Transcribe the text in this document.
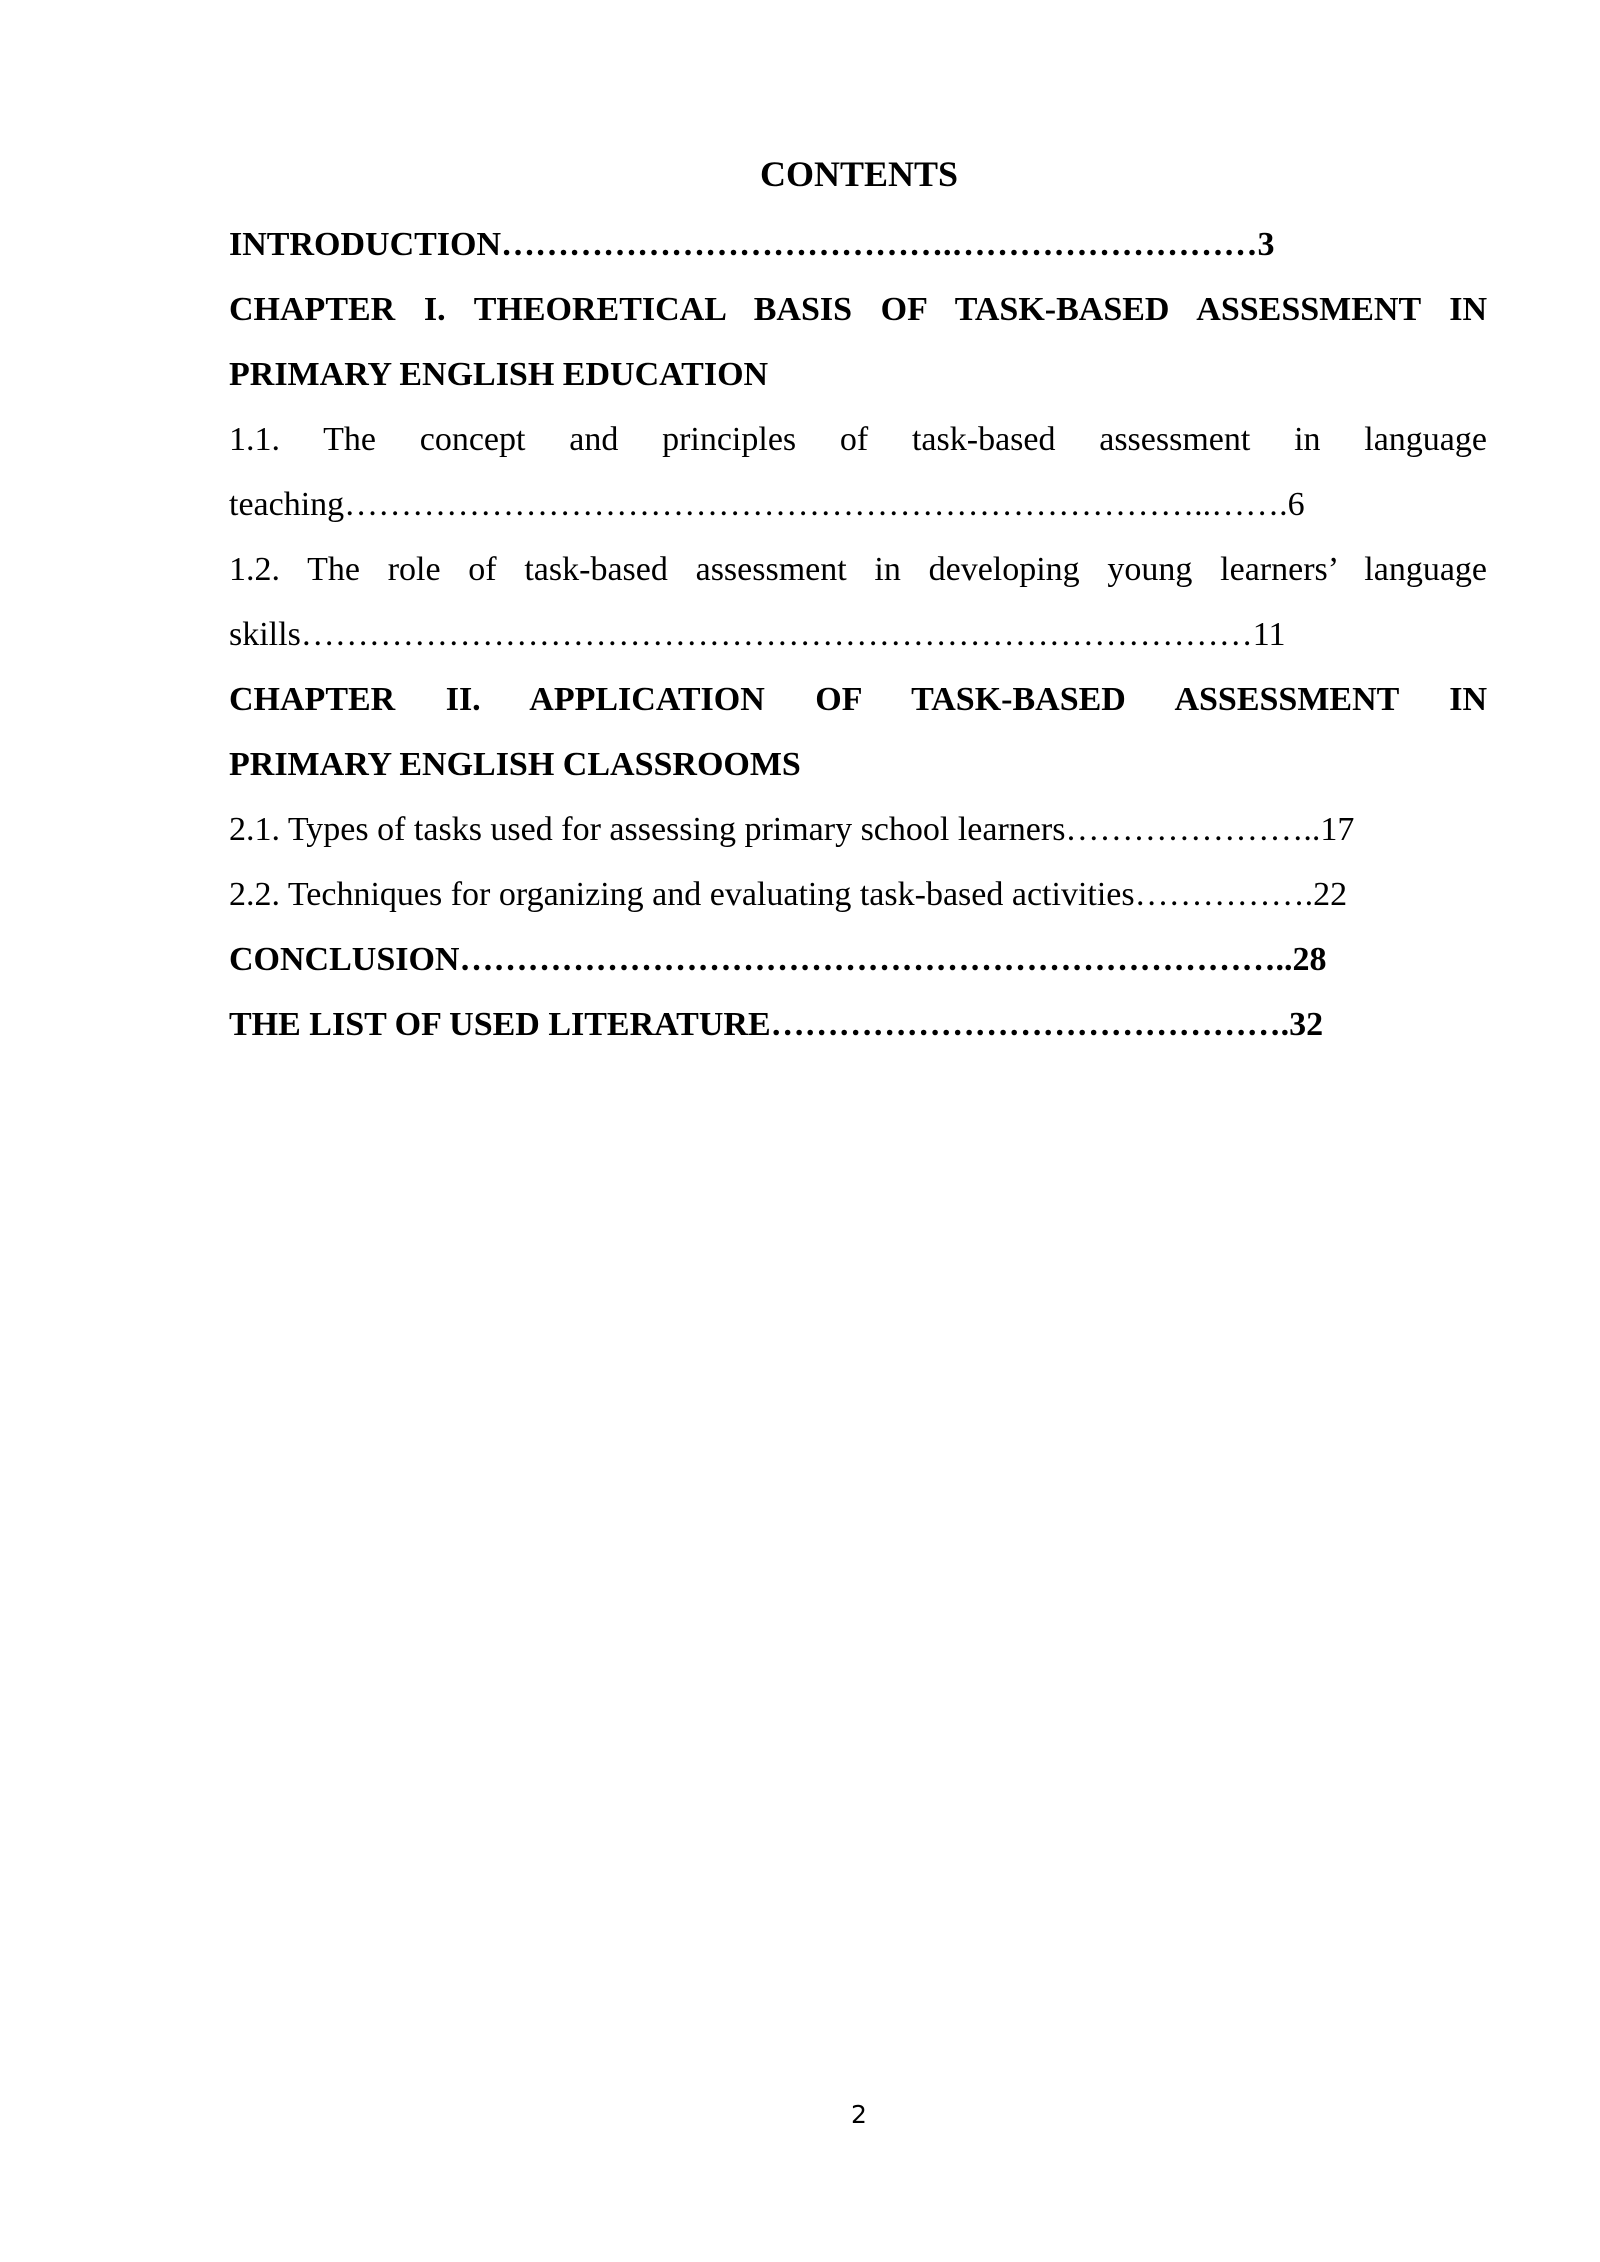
CONTENTS
INTRODUCTION………………………………….………………………3
CHAPTER I. THEORETICAL BASIS OF TASK-BASED ASSESSMENT IN
PRIMARY ENGLISH EDUCATION
1.1. The concept and principles of task-based assessment in language
teaching…………………………………………………………………..…….6
1.2. The role of task-based assessment in developing young learners’ language
skills…………………………………………………………………………11
CHAPTER II. APPLICATION OF TASK-BASED ASSESSMENT IN
PRIMARY ENGLISH CLASSROOMS
2.1. Types of tasks used for assessing primary school learners…………………..17
2.2. Techniques for organizing and evaluating task-based activities…………….22
CONCLUSION………………………………………………………………..28
THE LIST OF USED LITERATURE……………………………………….32
2
